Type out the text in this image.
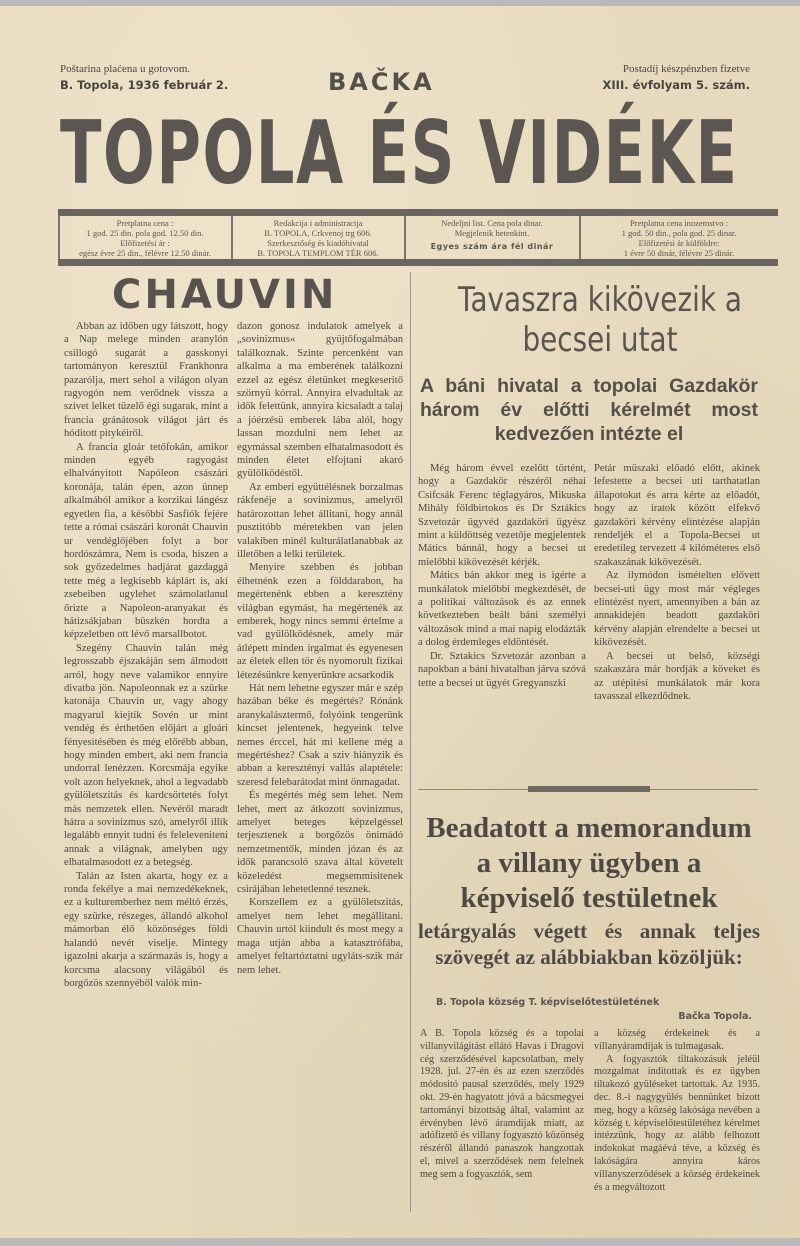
Poštarina plaćena u gotovom.
B. Topola, 1936 február 2.	BAČKA	Postadíj készpénzben fizetve
XIII. évfolyam 5. szám.
TOPOLA ÉS VIDÉKE
Pretplatna cena :
1 god. 25 din. pola god. 12.50 din.
Előfizetési ár :
egész évre 25 din., félévre 12.50 dinár.
Redakcija i administracija
B. TOPOLA, Crkvenoj trg 606.
Szerkesztőség és kiadóhivatal
B. TOPOLA TEMPLOM TÉR 606.
Nedeljni list. Cena pola dinar.
Megjelenik hetenkint.
Egyes szám ára fél dinár
Pretplatna cena inozemstvo :
1 god. 50 din., pola god. 25 dinar.
Előfizetési ár külföldre:
1 évre 50 dinár, félévre 25 dinár.
CHAUVIN

Abban az időben ugy látszott, hogy a Nap melege minden aranylón csillogó sugarát a gasskonyi tartományon keresztül Frankhonra pazarólja, mert sehol a világon olyan ragyogón nem verődnek vissza a szivet lelket tüzelő égi sugarak, mint a francia gránátosok világot járt és hóditott pitykéiről.

A francia gloár tetőfokán, amikor minden egyéb ragyogást elhalványitott Napóleon császári koronája, talán épen, azon ünnep alkalmából amikor a korzikai lángész egyetlen fia, a későbbi Sasfiók fejére tette a római császári koronát Chauvin ur vendéglőjében folyt a bor hordószámra, Nem is csoda, hiszen a sok győzedelmes hadjárat gazdaggá tette még a legkisebb káplárt is, aki zsebeiben ugylehet számolatlanul őrizte a Napoleon-aranyakat és hátizsákjaban büszkén hordta a képzeletben ott lévő marsallbotot.

Szegény Chauvin talán még legrosszabb éjszakáján sem álmodott arról, hogy neve valamikor ennyire divatba jön. Napoleonnak ez a szürke katonája Chauvin ur, vagy ahogy magyarul kiejtik Sovén ur mint vendég és érthetően előjárt a gloári fényesitésében és még előrébb abban, hogy minden embert, aki nem francia undorral lenézzen. Korcsmája egyike volt azon helyeknek, ahol a legvadabb gyülöletszitás és kardcsörtetés folyt más nemzetek ellen. Nevéről maradt hátra a sovinizmus szó, amelyről illik legalább ennyit tudni és feleleveniteni annak a világnak, amelyben ugy elhatalmasodott ez a betegség.

Talán az Isten akarta, hogy ez a ronda fekélye a mai nemzedékeknek, ez a kulturemberhez nem méltó érzés, egy szürke, részeges, állandó alkohol mámorban élő közönséges földi halandó nevét viselje. Mintegy igazolni akarja a származás is, hogy a korcsma alacsony világából és borgőzös szennyéből valók min-

dazon gonosz indulatok amelyek a „sovinizmus« gyüjtőfogalmában találkoznak. Szinte percenként van alkalma a ma emberének találkozni ezzel az egész életünket megkeseritő szörnyü kórral. Annyira elvadultak az idők felettünk, annyira kicsaladt a talaj a jóérzésü emberek lába alól, hogy lassan mozdulni nem lehet az egymással szemben elhatalmasodott és minden életet elfojtani akaró gyülölködéstől.

Az emberi együttélésnek borzalmas rákfenéje a sovinizmus, amelyről határozottan lehet állitani, hogy annál pusztitóbb méretekben van jelen valakiben minél kulturálatlanabbak az illetőben a lelki területek.

Menyire szebben és jobban élhetnénk ezen a földdarabon, ha megértenénk ebben a keresztény világban egymást, ha megértenék az emberek, hogy nincs semmi értelme a vad gyülölködésnek, amely már átlépett minden irgalmat és egyenesen az életek ellen tör és nyomorult fizikai létezésünkre kenyerünkre acsarkodik

Hát nem lehetne egyszer már e szép hazában béke és megértés? Rónánk aranykalásztermő, folyóink tengerünk kincset jelentenek, hegyeink telve nemes érccel, hát mi kellene még a megértéshez? Csak a sziv hiányzik és abban a keresztényi vallás alaptétele: szeresd felebarátodat mint önmagadat.

És megértés még sem lehet. Nem lehet, mert az átkozott sovinizmus, amelyet beteges képzelgéssel terjesztenek a borgőzös önimádó nemzetmentők, minden józan és az idők parancsoló szava által követelt közeledést megsemmisitenek csirájában lehetetlenné tesznek.

Korszellem ez a gyülöletszitás, amelyet nem lehet megállitani. Chauvin urtól kiindult és most megy a maga utján abba a katasztrófába, amelyet feltartóztatni ugyláts-szik már nem lehet.

Tavaszra kikövezik a becsei utat
A báni hivatal a topolai Gazdakör három év előtti kérelmét most kedvezően intézte el

Még három évvel ezelőtt történt, hogy a Gazdakör részéről néhai Csifcsák Ferenc téglagyáros, Mikuska Mihály földbirtokos és Dr Sztákics Szvetozár ügyvéd gazdaköri ügyész mint a küldöttség vezetője megjelentek Mátics bánnál, hogy a becsei ut mielőbbi kikövezését kérjék.

Mátics bán akkor meg is igérte a munkálatok mielőbbi megkezdését, de a politikai változások és az ennek következteben beált báni személyi változások mind a mai napig elodázták a dolog érdemleges eldöntését.

Dr. Sztakics Szvetozár azonban a napokban a báni hivatalban járva szóvá tette a becsei ut ügyét Gregyanszki

Petár müszaki előadó előtt, akinek lefestette a becsei uti tarthatatlan állapotokat és arra kérte az előadót, hogy az iratok között elfekvő gazdaköri kérvény elintézése alapján rendeljék el a Topola-Becsei ut eredetileg tervezett 4 kilóméteres első szakaszának kikövezését.

Az ilymódon ismételten elővett becsei-uti ügy most már végleges elintézést nyert, amennyiben a bán az annakidején beadott gazdaköri kérvény alapján elrendelte a becsei ut kikövezését.

A becsei ut belső, községi szakaszára már hordják a köveket és az utépitési munkálatok már kora tavasszal elkezdődnek.

Beadatott a memorandum a villany ügyben a képviselő testületnek
letárgyalás végett és annak teljes szövegét az alábbiakban közöljük:
B. Topola község T. képviselőtestületének
Bačka Topola.

A B. Topola község és a topolai villanyvilágitást ellátó Havas i Dragovi cég szerződésével kapcsolatban, mely 1928. jul. 27-én és az ezen szerződés módositó pausal szerződés, mely 1929 okt. 29-én hagyatott jóvá a bácsmegyei tartományi bizottság által, valamint az érvényben lévő áramdijak miatt, az adófizető és villany fogyasztó közönség részéről állandó panaszok hangzottak el, mivel a szerződések nem felelnek meg sem a fogyasztók, sem

a község érdekeinek és a villanyáramdijak is tulmagasak.

A fogyasztók tiltakozásuk jeléül mozgalmat inditottak és ez ügyben tiltakozó gyüléseket tartottak. Az 1935. dec. 8.-i nagygyülés bennünket bizott meg, hogy a község lakósága nevében a község t. képviselőtestületéhez kérelmet intézzünk, hogy az alább felhozott indokokat magáévá téve, a község és lakóságára annyira káros villanyszerződések a község érdekeinek és a megváltozott
